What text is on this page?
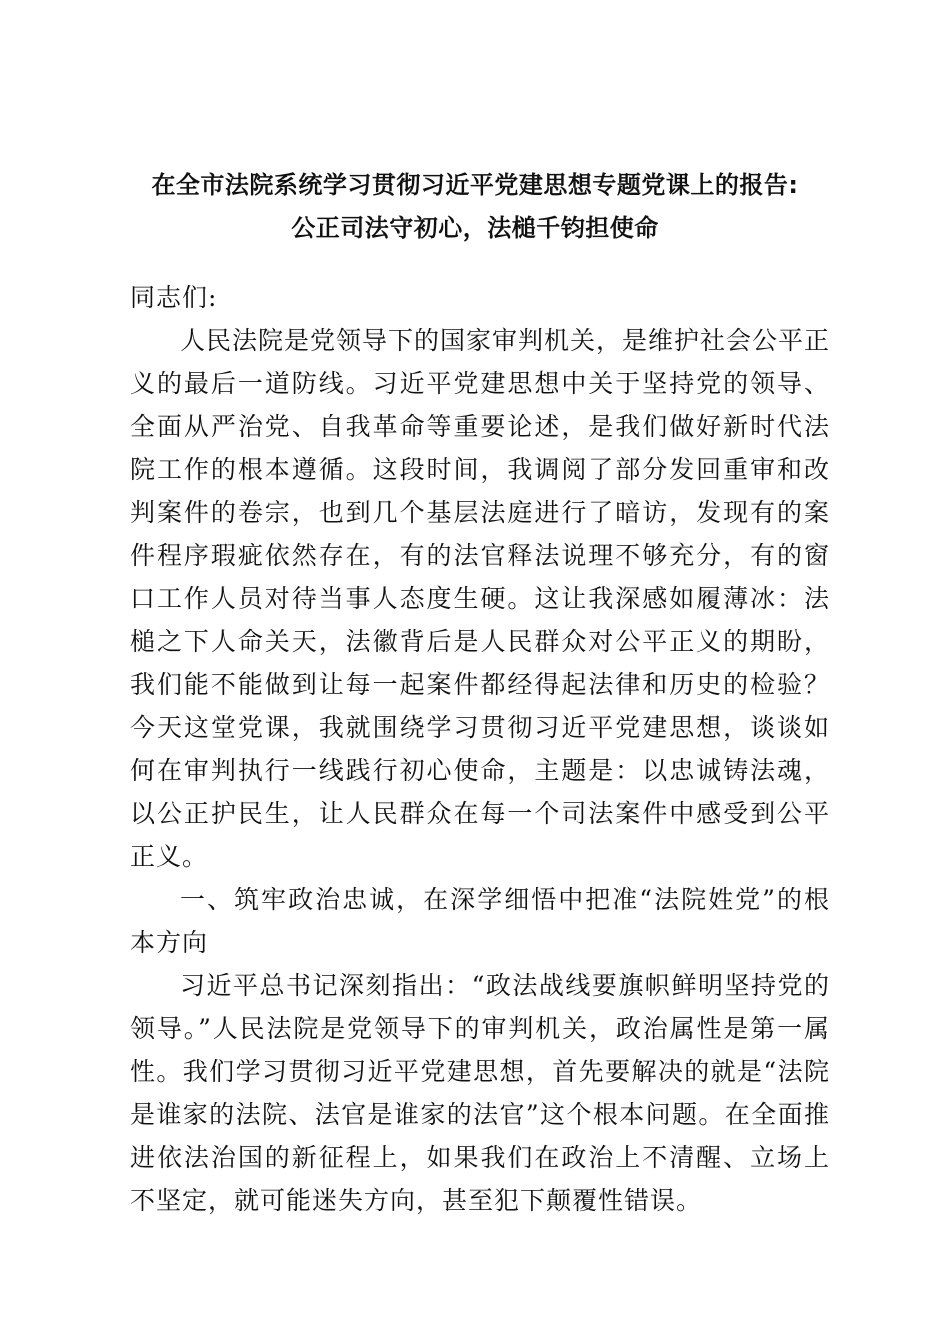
在全市法院系统学习贯彻习近平党建思想专题党课上的报告:
公正司法守初心，法槌千钧担使命

同志们:

人民法院是党领导下的国家审判机关，是维护社会公平正义的最后一道防线。习近平党建思想中关于坚持党的领导、全面从严治党、自我革命等重要论述，是我们做好新时代法院工作的根本遵循。这段时间，我调阅了部分发回重审和改判案件的卷宗，也到几个基层法庭进行了暗访，发现有的案件程序瑕疵依然存在，有的法官释法说理不够充分，有的窗口工作人员对待当事人态度生硬。这让我深感如履薄冰：法槌之下人命关天，法徽背后是人民群众对公平正义的期盼，我们能不能做到让每一起案件都经得起法律和历史的检验？今天这堂党课，我就围绕学习贯彻习近平党建思想，谈谈如何在审判执行一线践行初心使命，主题是：以忠诚铸法魂，以公正护民生，让人民群众在每一个司法案件中感受到公平正义。

一、筑牢政治忠诚，在深学细悟中把准“法院姓党”的根本方向

习近平总书记深刻指出：“政法战线要旗帜鲜明坚持党的领导。”人民法院是党领导下的审判机关，政治属性是第一属性。我们学习贯彻习近平党建思想，首先要解决的就是“法院是谁家的法院、法官是谁家的法官”这个根本问题。在全面推进依法治国的新征程上，如果我们在政治上不清醒、立场上不坚定，就可能迷失方向，甚至犯下颠覆性错误。
